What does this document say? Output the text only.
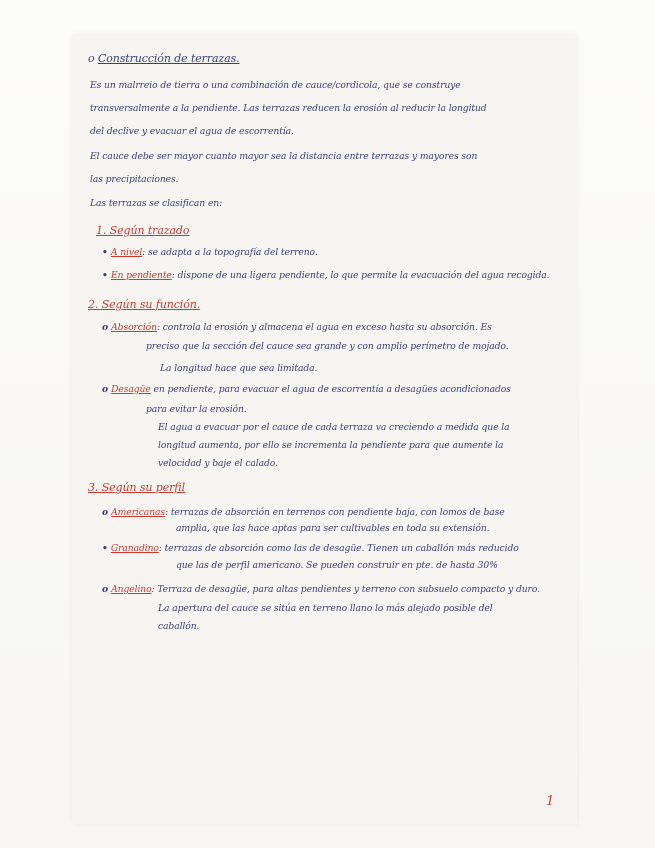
o Construcción de terrazas.
Es un malrreio de tierra o una combinación de cauce/cordicola, que se construye
transversalmente a la pendiente. Las terrazas reducen la erosión al reducir la longitud
del declive y evacuar el agua de escorrentía.
El cauce debe ser mayor cuanto mayor sea la distancia entre terrazas y mayores son
las precipitaciones.
Las terrazas se clasifican en:
1. Según trazado
• A nivel: se adapta a la topografía del terreno.
• En pendiente: dispone de una ligera pendiente, lo que permite la evacuación del agua recogida.
2. Según su función.
o Absorción: controla la erosión y almacena el agua en exceso hasta su absorción. Es
preciso que la sección del cauce sea grande y con amplio perímetro de mojado.
La longitud hace que sea limitada.
o Desagüe en pendiente, para evacuar el agua de escorrentía a desagües acondicionados
para evitar la erosión.
El agua a evacuar por el cauce de cada terraza va creciendo a medida que la
longitud aumenta, por ello se incrementa la pendiente para que aumente la
velocidad y baje el calado.
3. Según su perfil
o Americanas: terrazas de absorción en terrenos con pendiente baja, con lomos de base
amplia, que las hace aptas para ser cultivables en toda su extensión.
• Granadino: terrazas de absorción como las de desagüe. Tienen un caballón más reducido
que las de perfil americano. Se pueden construir en pte. de hasta 30%
o Angelino: Terraza de desagüe, para altas pendientes y terreno con subsuelo compacto y duro.
La apertura del cauce se sitúa en terreno llano lo más alejado posible del
caballón.
1
